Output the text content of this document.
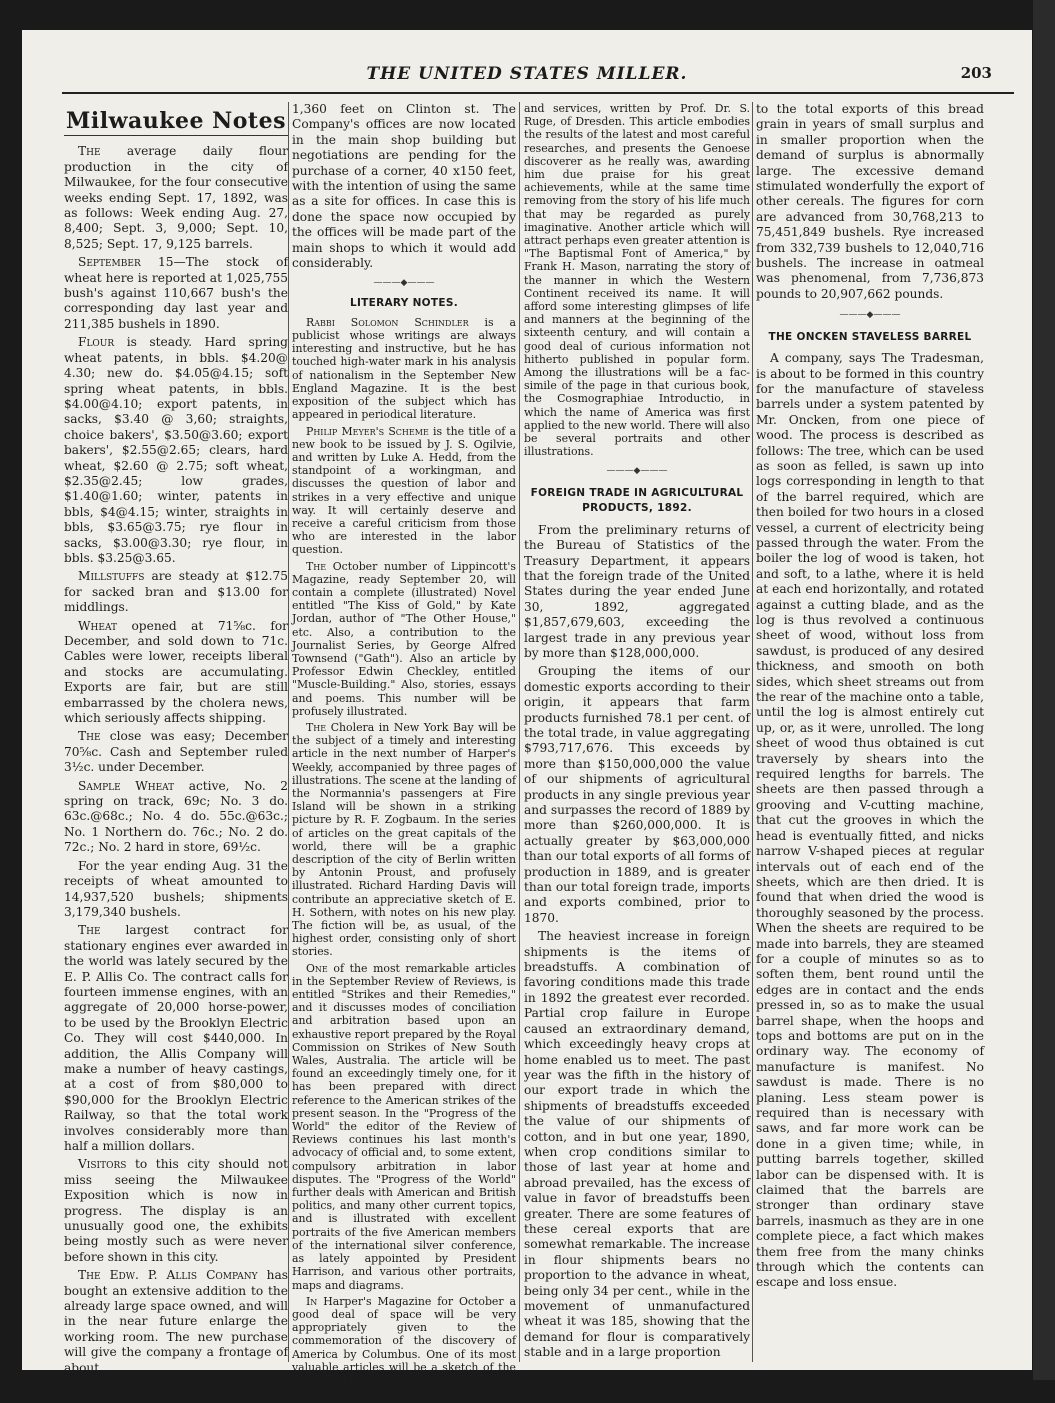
THE UNITED STATES MILLER.	203
Milwaukee Notes

The average daily flour production in the city of Milwaukee, for the four consecutive weeks ending Sept. 17, 1892, was as follows: Week ending Aug. 27, 8,400; Sept. 3, 9,000; Sept. 10, 8,525; Sept. 17, 9,125 barrels.

September 15—The stock of wheat here is reported at 1,025,755 bush's against 110,667 bush's the corresponding day last year and 211,385 bushels in 1890.

Flour is steady. Hard spring wheat patents, in bbls. $4.20@ 4.30; new do. $4.05@4.15; soft spring wheat patents, in bbls. $4.00@4.10; export patents, in sacks, $3.40 @ 3,60; straights, choice bakers', $3.50@3.60; export bakers', $2.55@2.65; clears, hard wheat, $2.60 @ 2.75; soft wheat, $2.35@2.45; low grades, $1.40@1.60; winter, patents in bbls, $4@4.15; winter, straights in bbls, $3.65@3.75; rye flour in sacks, $3.00@3.30; rye flour, in bbls. $3.25@3.65.

Millstuffs are steady at $12.75 for sacked bran and $13.00 for middlings.

Wheat opened at 71⅝c. for December, and sold down to 71c. Cables were lower, receipts liberal and stocks are accumulating. Exports are fair, but are still embarrassed by the cholera news, which seriously affects shipping.

The close was easy; December 70⅝c. Cash and September ruled 3½c. under December.

Sample Wheat active, No. 2 spring on track, 69c; No. 3 do. 63c.@68c.; No. 4 do. 55c.@63c.; No. 1 Northern do. 76c.; No. 2 do. 72c.; No. 2 hard in store, 69½c.

For the year ending Aug. 31 the receipts of wheat amounted to 14,937,520 bushels; shipments 3,179,340 bushels.

The largest contract for stationary engines ever awarded in the world was lately secured by the E. P. Allis Co. The contract calls for fourteen immense engines, with an aggregate of 20,000 horse-power, to be used by the Brooklyn Electric Co. They will cost $440,000. In addition, the Allis Company will make a number of heavy castings, at a cost of from $80,000 to $90,000 for the Brooklyn Electric Railway, so that the total work involves considerably more than half a million dollars.

Visitors to this city should not miss seeing the Milwaukee Exposition which is now in progress. The display is an unusually good one, the exhibits being mostly such as were never before shown in this city.

The Edw. P. Allis Company has bought an extensive addition to the already large space owned, and will in the near future enlarge the working room. The new purchase will give the company a frontage of about

1,360 feet on Clinton st. The Company's offices are now located in the main shop building but negotiations are pending for the purchase of a corner, 40 x150 feet, with the intention of using the same as a site for offices. In case this is done the space now occupied by the offices will be made part of the main shops to which it would add considerably.

———◆———
LITERARY NOTES.

Rabbi Solomon Schindler is a publicist whose writings are always interesting and instructive, but he has touched high-water mark in his analysis of nationalism in the September New England Magazine. It is the best exposition of the subject which has appeared in periodical literature.

Philip Meyer's Scheme is the title of a new book to be issued by J. S. Ogilvie, and written by Luke A. Hedd, from the standpoint of a workingman, and discusses the question of labor and strikes in a very effective and unique way. It will certainly deserve and receive a careful criticism from those who are interested in the labor question.

The October number of Lippincott's Magazine, ready September 20, will contain a complete (illustrated) Novel entitled "The Kiss of Gold," by Kate Jordan, author of "The Other House," etc. Also, a contribution to the Journalist Series, by George Alfred Townsend ("Gath"). Also an article by Professor Edwin Checkley, entitled "Muscle-Building." Also, stories, essays and poems. This number will be profusely illustrated.

The Cholera in New York Bay will be the subject of a timely and interesting article in the next number of Harper's Weekly, accompanied by three pages of illustrations. The scene at the landing of the Normannia's passengers at Fire Island will be shown in a striking picture by R. F. Zogbaum. In the series of articles on the great capitals of the world, there will be a graphic description of the city of Berlin written by Antonin Proust, and profusely illustrated. Richard Harding Davis will contribute an appreciative sketch of E. H. Sothern, with notes on his new play. The fiction will be, as usual, of the highest order, consisting only of short stories.

One of the most remarkable articles in the September Review of Reviews, is entitled "Strikes and their Remedies," and it discusses modes of conciliation and arbitration based upon an exhaustive report prepared by the Royal Commission on Strikes of New South Wales, Australia. The article will be found an exceedingly timely one, for it has been prepared with direct reference to the American strikes of the present season. In the "Progress of the World" the editor of the Review of Reviews continues his last month's advocacy of official and, to some extent, compulsory arbitration in labor disputes. The "Progress of the World" further deals with American and British politics, and many other current topics, and is illustrated with excellent portraits of the five American members of the international silver conference, as lately appointed by President Harrison, and various other portraits, maps and diagrams.

In Harper's Magazine for October a good deal of space will be very appropriately given to the commemoration of the discovery of America by Columbus. One of its most valuable articles will be a sketch of the life of Columbus with a critical estimate of his character

and services, written by Prof. Dr. S. Ruge, of Dresden. This article embodies the results of the latest and most careful researches, and presents the Genoese discoverer as he really was, awarding him due praise for his great achievements, while at the same time removing from the story of his life much that may be regarded as purely imaginative. Another article which will attract perhaps even greater attention is "The Baptismal Font of America," by Frank H. Mason, narrating the story of the manner in which the Western Continent received its name. It will afford some interesting glimpses of life and manners at the beginning of the sixteenth century, and will contain a good deal of curious information not hitherto published in popular form. Among the illustrations will be a fac-simile of the page in that curious book, the Cosmographiae Introductio, in which the name of America was first applied to the new world. There will also be several portraits and other illustrations.

———◆———
FOREIGN TRADE IN AGRICULTURAL PRODUCTS, 1892.

From the preliminary returns of the Bureau of Statistics of the Treasury Department, it appears that the foreign trade of the United States during the year ended June 30, 1892, aggregated $1,857,679,603, exceeding the largest trade in any previous year by more than $128,000,000.

Grouping the items of our domestic exports according to their origin, it appears that farm products furnished 78.1 per cent. of the total trade, in value aggregating $793,717,676. This exceeds by more than $150,000,000 the value of our shipments of agricultural products in any single previous year and surpasses the record of 1889 by more than $260,000,000. It is actually greater by $63,000,000 than our total exports of all forms of production in 1889, and is greater than our total foreign trade, imports and exports combined, prior to 1870.

The heaviest increase in foreign shipments is the items of breadstuffs. A combination of favoring conditions made this trade in 1892 the greatest ever recorded. Partial crop failure in Europe caused an extraordinary demand, which exceedingly heavy crops at home enabled us to meet. The past year was the fifth in the history of our export trade in which the shipments of breadstuffs exceeded the value of our shipments of cotton, and in but one year, 1890, when crop conditions similar to those of last year at home and abroad prevailed, has the excess of value in favor of breadstuffs been greater. There are some features of these cereal exports that are somewhat remarkable. The increase in flour shipments bears no proportion to the advance in wheat, being only 34 per cent., while in the movement of unmanufactured wheat it was 185, showing that the demand for flour is comparatively stable and in a large proportion

to the total exports of this bread grain in years of small surplus and in smaller proportion when the demand of surplus is abnormally large. The excessive demand stimulated wonderfully the export of other cereals. The figures for corn are advanced from 30,768,213 to 75,451,849 bushels. Rye increased from 332,739 bushels to 12,040,716 bushels. The increase in oatmeal was phenomenal, from 7,736,873 pounds to 20,907,662 pounds.

———◆———
THE ONCKEN STAVELESS BARREL

A company, says The Tradesman, is about to be formed in this country for the manufacture of staveless barrels under a system patented by Mr. Oncken, from one piece of wood. The process is described as follows: The tree, which can be used as soon as felled, is sawn up into logs corresponding in length to that of the barrel required, which are then boiled for two hours in a closed vessel, a current of electricity being passed through the water. From the boiler the log of wood is taken, hot and soft, to a lathe, where it is held at each end horizontally, and rotated against a cutting blade, and as the log is thus revolved a continuous sheet of wood, without loss from sawdust, is produced of any desired thickness, and smooth on both sides, which sheet streams out from the rear of the machine onto a table, until the log is almost entirely cut up, or, as it were, unrolled. The long sheet of wood thus obtained is cut traversely by shears into the required lengths for barrels. The sheets are then passed through a grooving and V-cutting machine, that cut the grooves in which the head is eventually fitted, and nicks narrow V-shaped pieces at regular intervals out of each end of the sheets, which are then dried. It is found that when dried the wood is thoroughly seasoned by the process. When the sheets are required to be made into barrels, they are steamed for a couple of minutes so as to soften them, bent round until the edges are in contact and the ends pressed in, so as to make the usual barrel shape, when the hoops and tops and bottoms are put on in the ordinary way. The economy of manufacture is manifest. No sawdust is made. There is no planing. Less steam power is required than is necessary with saws, and far more work can be done in a given time; while, in putting barrels together, skilled labor can be dispensed with. It is claimed that the barrels are stronger than ordinary stave barrels, inasmuch as they are in one complete piece, a fact which makes them free from the many chinks through which the contents can escape and loss ensue.
